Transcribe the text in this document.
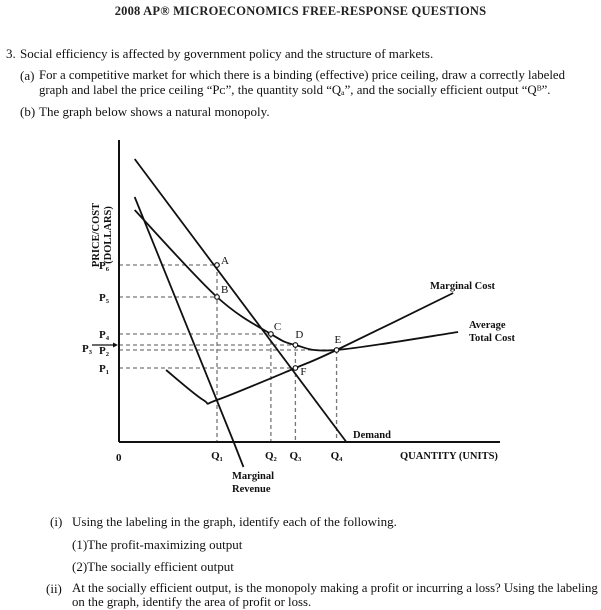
2008 AP® MICROECONOMICS FREE-RESPONSE QUESTIONS
3. Social efficiency is affected by government policy and the structure of markets.
(a) For a competitive market for which there is a binding (effective) price ceiling, draw a correctly labeled
graph and label the price ceiling “Pᴄ”, the quantity sold “Qₐ”, and the socially efficient output “Qᴮ”.
(b) The graph below shows a natural monopoly.
PRICE/COST(DOLLARS)
QUANTITY (UNITS)
0
A
B
C
D	E
F
P₆
P₅
P₄
P₃ P₂
P₁
Q₁	Q₂ Q₃	Q₄
Marginal Cost
Average
Total Cost
Demand
Marginal
Revenue
(i) Using the labeling in the graph, identify each of the following.
(1)The profit-maximizing output
(2)The socially efficient output
(ii) At the socially efficient output, is the monopoly making a profit or incurring a loss? Using the labeling
on the graph, identify the area of profit or loss.
